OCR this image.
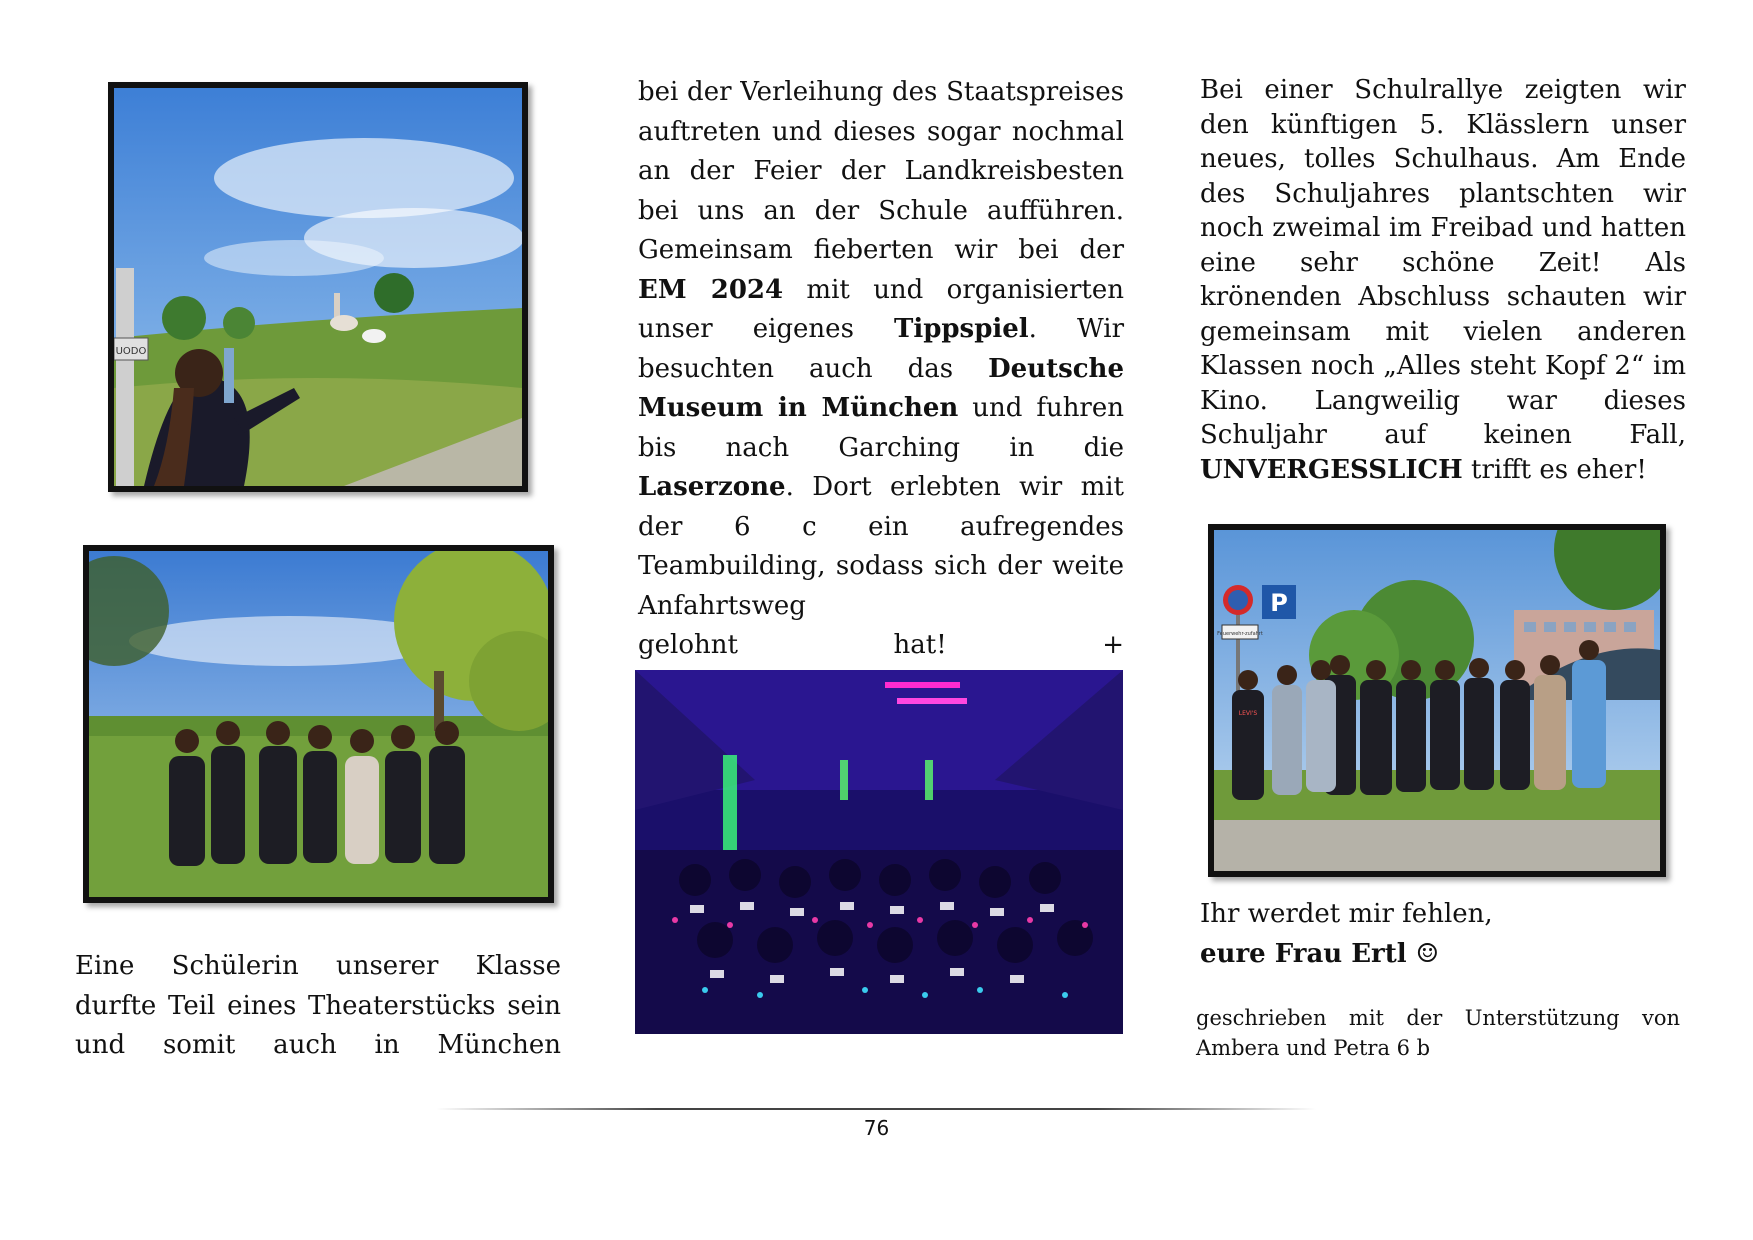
UODO
P
Feuerwehr-zufahrt
LEVI'S
Eine Schülerin unserer Klasse durfte Teil eines Theaterstücks sein und somit auch in München
bei der Verleihung des Staatspreises auftreten und dieses sogar nochmal an der Feier der Landkreisbesten bei uns an der Schule aufführen. Gemeinsam fieberten wir bei der EM 2024 mit und organisierten unser eigenes Tippspiel. Wir besuchten auch das Deutsche Museum in München und fuhren bis nach Garching in die Laserzone. Dort erlebten wir mit der 6 c ein aufregendes Teambuilding, sodass sich der weite Anfahrtsweg
gelohnt hat! +
Bei einer Schulrallye zeigten wir den künftigen 5. Klässlern unser neues, tolles Schulhaus. Am Ende des Schuljahres plantschten wir noch zweimal im Freibad und hatten eine sehr schöne Zeit! Als krönenden Abschluss schauten wir gemeinsam mit vielen anderen Klassen noch „Alles steht Kopf 2“ im Kino. Langweilig war dieses Schuljahr auf keinen Fall, UNVERGESSLICH trifft es eher!
Ihr werdet mir fehlen,
eure Frau Ertl ☺
geschrieben mit der Unterstützung von Ambera und Petra 6 b
76
